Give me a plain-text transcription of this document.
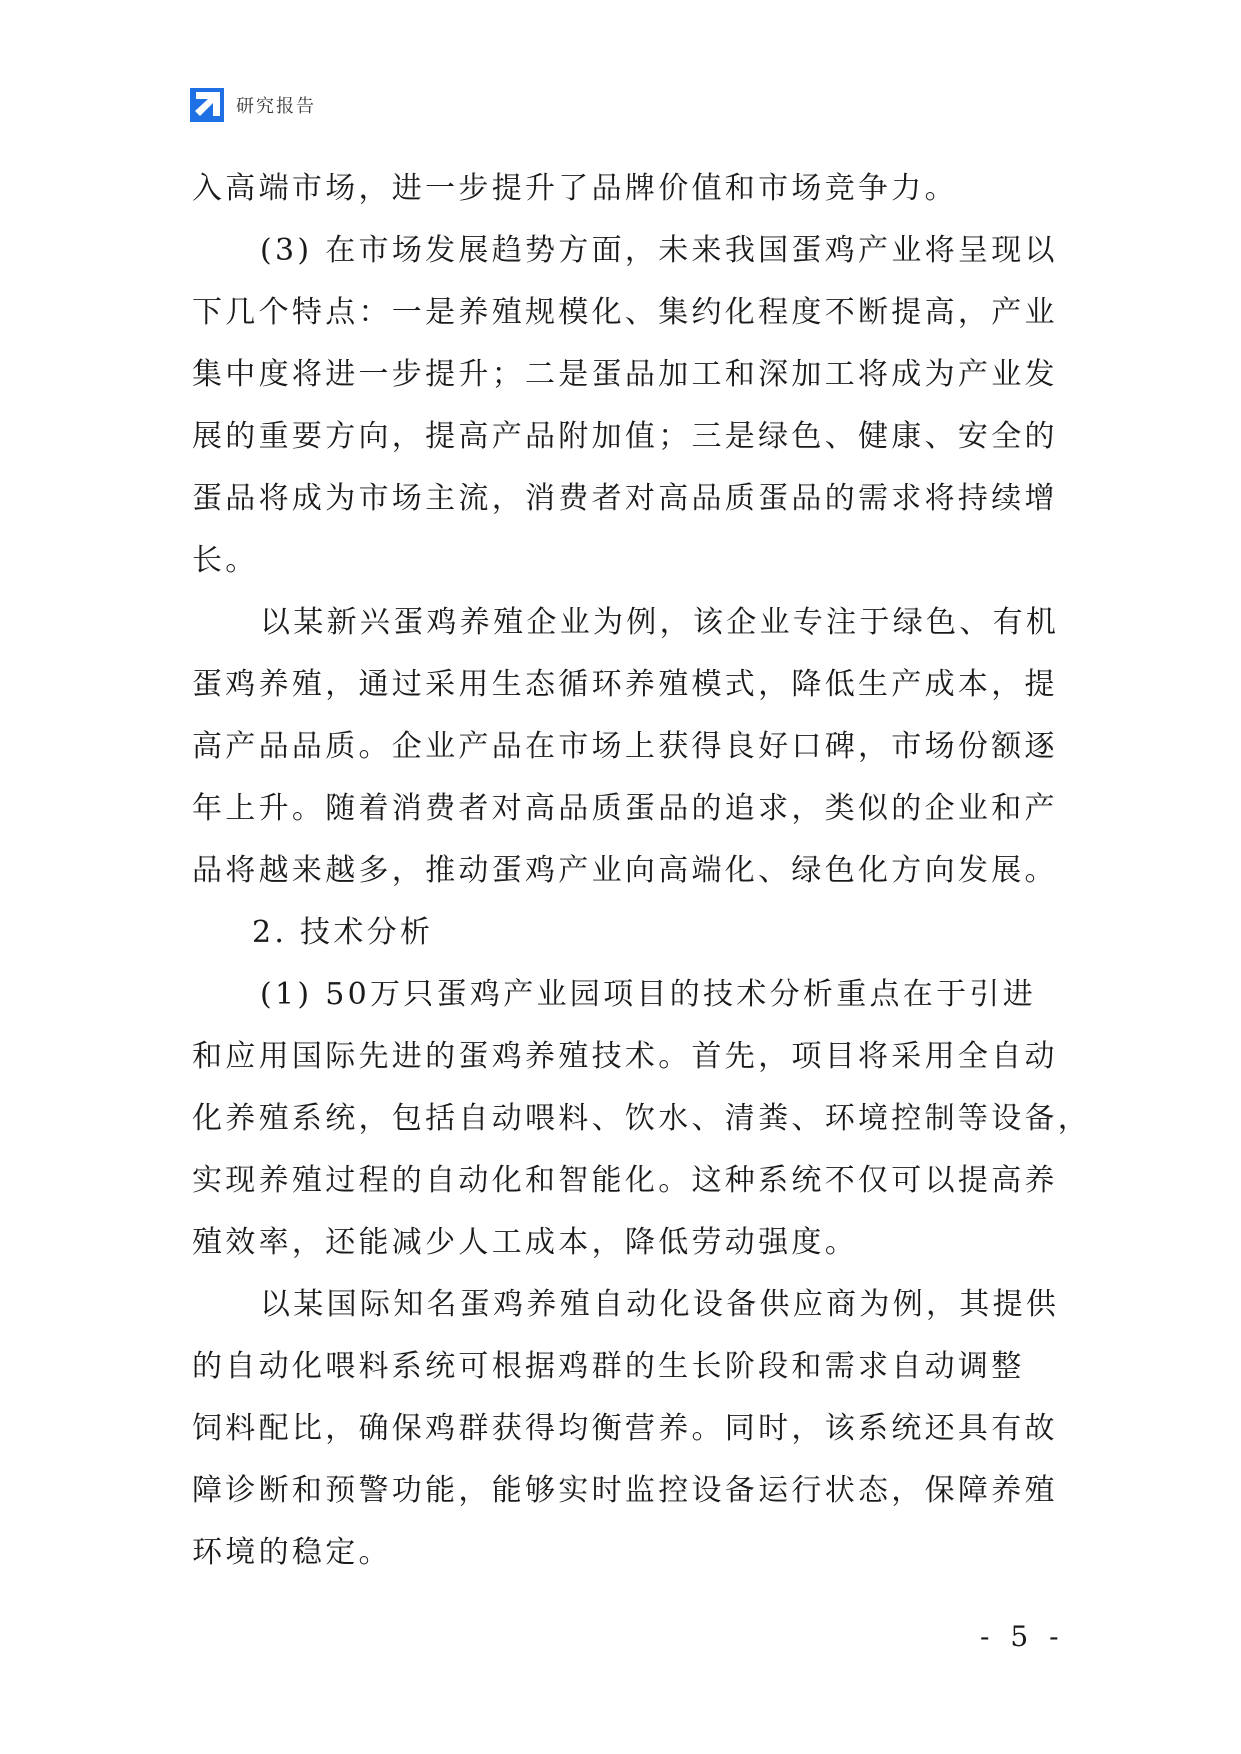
研究报告
入高端市场，进一步提升了品牌价值和市场竞争力。
(3) 在市场发展趋势方面，未来我国蛋鸡产业将呈现以
下几个特点：一是养殖规模化、集约化程度不断提高，产业
集中度将进一步提升；二是蛋品加工和深加工将成为产业发
展的重要方向，提高产品附加值；三是绿色、健康、安全的
蛋品将成为市场主流，消费者对高品质蛋品的需求将持续增
长。
以某新兴蛋鸡养殖企业为例，该企业专注于绿色、有机
蛋鸡养殖，通过采用生态循环养殖模式，降低生产成本，提
高产品品质。企业产品在市场上获得良好口碑，市场份额逐
年上升。随着消费者对高品质蛋品的追求，类似的企业和产
品将越来越多，推动蛋鸡产业向高端化、绿色化方向发展。
2. 技术分析
(1) 50万只蛋鸡产业园项目的技术分析重点在于引进
和应用国际先进的蛋鸡养殖技术。首先，项目将采用全自动
化养殖系统，包括自动喂料、饮水、清粪、环境控制等设备，
实现养殖过程的自动化和智能化。这种系统不仅可以提高养
殖效率，还能减少人工成本，降低劳动强度。
以某国际知名蛋鸡养殖自动化设备供应商为例，其提供
的自动化喂料系统可根据鸡群的生长阶段和需求自动调整
饲料配比，确保鸡群获得均衡营养。同时，该系统还具有故
障诊断和预警功能，能够实时监控设备运行状态，保障养殖
环境的稳定。
- 5 -
